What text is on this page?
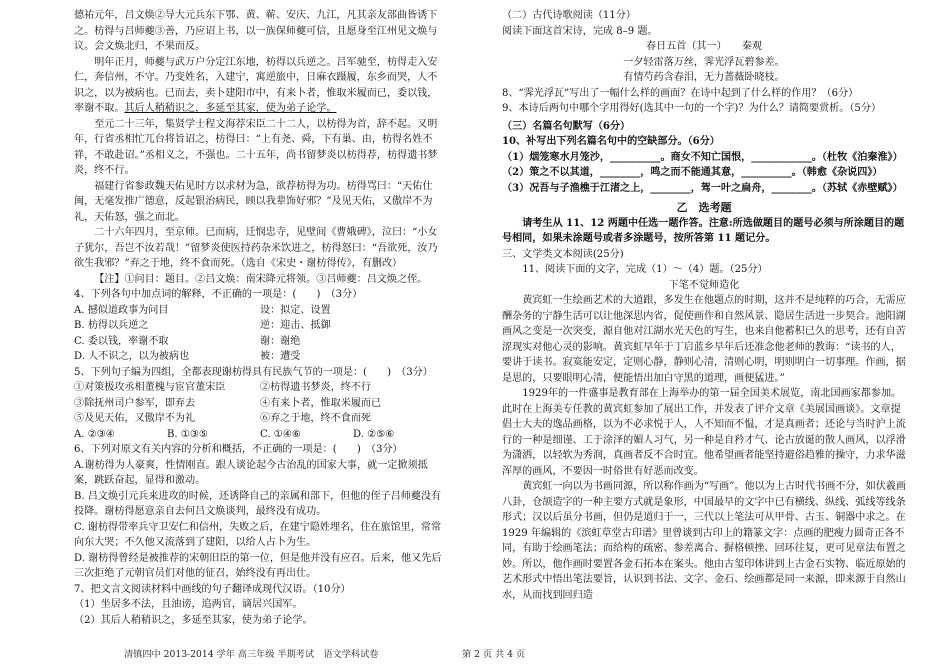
德祐元年，吕文焕②导大元兵东下鄂、黄、蕲、安庆、九江，凡其亲友部曲皆诱下之。枋得与吕师夔③善，乃应诏上书，以一族保师夔可信，且愿身至江州见文焕与议。会文焕北归，不果而反。

明年正月，师夔与武万户分定江东地，枋得以兵逆之。吕军驰至，枋得走入安仁，奔信州，不守。乃变姓名，入建宁，寓逆旅中，日麻衣蹑履，东乡而哭，人不识之，以为被病也。已而去，卖卜建阳市中，有来卜者，惟取米履而已，委以钱，率谢不取。其后人稍稍识之，多延至其家，使为弟子论学。

至元二十三年，集贤学士程文海荐宋臣二十二人，以枋得为首，辞不起。又明年，行省丞相忙兀台将旨诏之，枋得曰：“上有尧、舜，下有巢、由，枋得名姓不祥，不敢赴诏。”丞相义之，不强也。二十五年，尚书留梦炎以枋得荐，枋得遗书梦炎，终不行。

福建行省参政魏天佑见时方以求材为急，欲荐枋得为功。枋得骂曰：“天佑仕闽，无毫发推广德意，反起银治病民，顾以我辈饰好邪？”及见天佑，又傲岸不为礼，天佑怒，强之而北。

二十六年四月，至京师。已而病，迁悯忠寺，见壁间《曹娥碑》，泣曰：“小女子犹尔，吾岂不汝若哉！”留梦炎使医持药杂米饮进之，枋得怒曰：“吾欲死，汝乃欲生我邪？”弃之于地，终不食而死。（选自《宋史・谢枋得传》，有删改）

【注】①问目：题目。②吕文焕：南宋降元将领。③吕师夔：吕文焕之侄。

4、下列各句中加点词的解释，不正确的一项是：(　　)　（3分）

A. 撼似道政事为问目	设：拟定、设置
B. 枋得以兵逆之	逆：迎击、抵御
C. 委以钱，率谢不取	谢：谢绝
D. 人不识之，以为被病也	被：遭受

5、下列句子编为四组，全都表现谢枋得具有民族气节的一项是：(　　)　（3分）

①对策极攻丞相董槐与宦官董宋臣	②枋得遗书梦炎，终不行
③除抚州司户参军，即弃去	④有来卜者，惟取米履而已
⑤及见天佑，又傲岸不为礼	⑥弃之于地，终不食而死
A. ②③④	B. ①③⑤	C. ①④⑥	D. ②⑤⑥

6、下列对原文有关内容的分析和概括，不正确的一项是：(　　)　（3分）

A.谢枋得为人豪爽，性情刚直。跟人谈论起今古治乱的国家大事，就一定掀须抵案，跳跃奋起，显得和激动。

B. 吕文焕引元兵来进攻的时候，还诱降自己的亲属和部下，但他的侄子吕师夔没有投降。谢枋得愿意亲自去何吕文焕谈判，最终没有成功。

C. 谢枋得带率兵守卫安仁和信州，失败之后，在建宁隐姓埋名，住在旅馆里，常常向东大哭；不久他又流落到了建阳，以给人占卜为生。

D. 谢枋得曾经是被推荐的宋朝旧臣的第一位，但是他并没有应召。后来，他又先后三次拒绝了元朝官员们对他的征召，始终没有再出仕。

7、把文言文阅读材料中画线的句子翻译成现代汉语。（10分）

（1）坐居多不法，且油谤，追两官，谪居兴国军。

（2）其后人稍稍识之，多延至其家，使为弟子论学。

（二）古代诗歌阅读（11分）

阅读下面这首宋诗，完成 8–9 题。

春日五首（其一）　　秦观

一夕轻雷落万丝，霁光浮瓦碧参差。

有情芍药含春泪，无力蔷薇卧晓枝。

8、“霁光浮瓦”写出了一幅什么样的画面？在诗中起到了什么样的作用？（6分）

9、本诗后两句中哪个字用得好(选其中一句的一个字)？为什么？请简要赏析。（5分）

（三）名篇名句默写（6分）

10、补写出下列名篇名句中的空缺部分。（6分）

（1）烟笼寒水月笼沙，__________。商女不知亡国恨，____________。（杜牧《泊秦淮》）

（2）策之不以其道，________，鸣之而不能通其意，__________。（韩愈《杂说四》）

（3）况吾与子渔樵于江渚之上，________，驾一叶之扁舟，________。（苏轼《赤壁赋》）

乙　选考题

请考生从 11、12 两题中任选一题作答。注意:所选做题目的题号必须与所涂题目的题号相同，如果未涂题号或者多涂题号，按所答第 11 题记分。

三、文学类文本阅读(25分)

11、阅读下面的文字，完成（1）～（4）题。（25分）

下笔不觉师造化

黄宾虹一生绘画艺术的大道跟，多发生在他题点的时期，这并不是纯粹的巧合，无需应酬杂务的宁静生活可以让他深思内省，促使画作和自然风景、隐居生活进一步契合。池阳湖画风之变是一次突变，源自他对江湖水光天色的写生，也来自他蓄积已久的思考，还有自苦涩现实对他心灵的影响。黄宾虹早年于丁启蓝乡早年后还准念他老师的教诲：“读书的人，要讲于读书。寂寞能安定，定则心静，静则心清，清则心明，明则明白一切事理。作画，据是思的，只要眼明心清，便能悟出加白守黑的道理，画便猛进。”

1929年的一件盛事是教育部在上海举办的第一届全国美术展览，南北国画家都参加。此时在上海美专任教的黄宾虹参加了展出工作，并发表了评介文章《美展国画谈》。文章提倡士大夫的逸品画格，以为不必求悦于人，人不知而不愠，才是真画者；还论与当时沪上流行的一种是细谨、工于涂泽的媚人习气，另一种是自矜才气、论古放诞的散人画风，以浮滑为潇洒，以轻软为秀润，真画者反不合时宜。他希望画者能坚持避俗趋雅的操守，力求华滋浑厚的画风，不要因一时俗世有好恶而改变。

黄宾虹一向以为书画同源，所以称作画为“写画”。他以为上古时代书画不分，如伏羲画八卦，仓颉造字的一种主要方式就是象形，中国最早的文字中已有横线、纵线、弧线等线条形式；汉以后虽分书画，但仍是道归于一，三代以上笔法可从甲骨、古玉、铜器中求之。在 1929 年编辑的《滨虹草堂古印谱》里曾谈到古印上的籍篆文字：点画的肥瘦力圆奇正各不同，有助于绘画笔法；而给构的疏密、参差离合、摒格顿挫、回环往复，更可见章法布置之妙。所以，他作画时要置各金石拓本在案头。他由古玺印体讲到上古金石实物、临近原始的艺术形式中悟出笔法要旨，认识到书法、文字、金石、绘画都是同一来源，即来源于自然山水，从而找到回归造

清镇四中 2013-2014 学年 高三年级 半期考试　语文学科试卷	第 2 页 共 4 页
